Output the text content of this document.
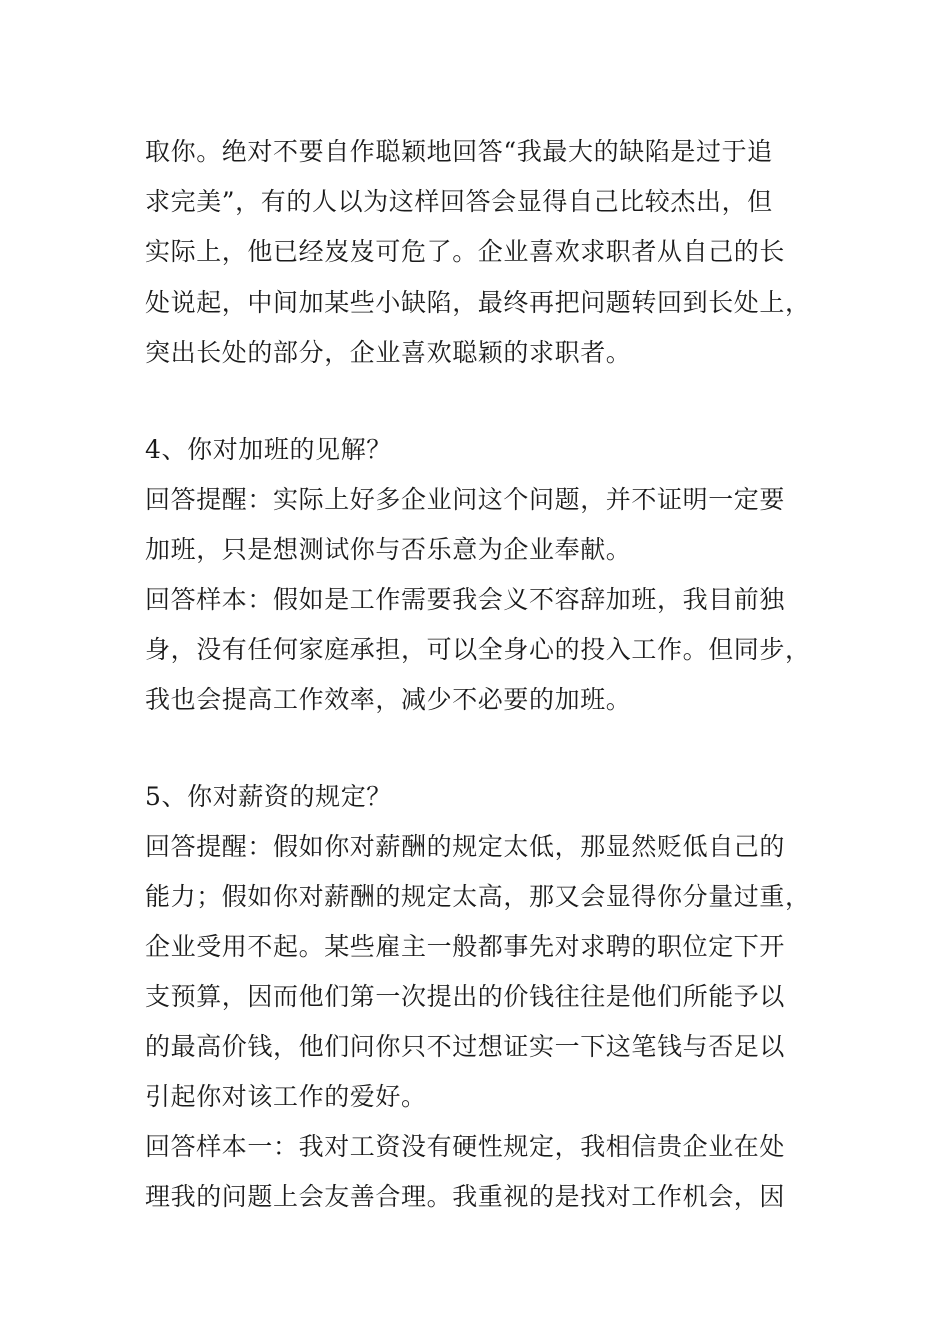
取你。绝对不要自作聪颖地回答“我最大的缺陷是过于追
求完美”，有的人以为这样回答会显得自己比较杰出，但
实际上，他已经岌岌可危了。企业喜欢求职者从自己的长
处说起，中间加某些小缺陷，最终再把问题转回到长处上，
突出长处的部分，企业喜欢聪颖的求职者。
4、你对加班的见解？
回答提醒：实际上好多企业问这个问题，并不证明一定要
加班，只是想测试你与否乐意为企业奉献。
回答样本：假如是工作需要我会义不容辞加班，我目前独
身，没有任何家庭承担，可以全身心的投入工作。但同步，
我也会提高工作效率，减少不必要的加班。
5、你对薪资的规定？
回答提醒：假如你对薪酬的规定太低，那显然贬低自己的
能力；假如你对薪酬的规定太高，那又会显得你分量过重，
企业受用不起。某些雇主一般都事先对求聘的职位定下开
支预算，因而他们第一次提出的价钱往往是他们所能予以
的最高价钱，他们问你只不过想证实一下这笔钱与否足以
引起你对该工作的爱好。
回答样本一：我对工资没有硬性规定，我相信贵企业在处
理我的问题上会友善合理。我重视的是找对工作机会，因
